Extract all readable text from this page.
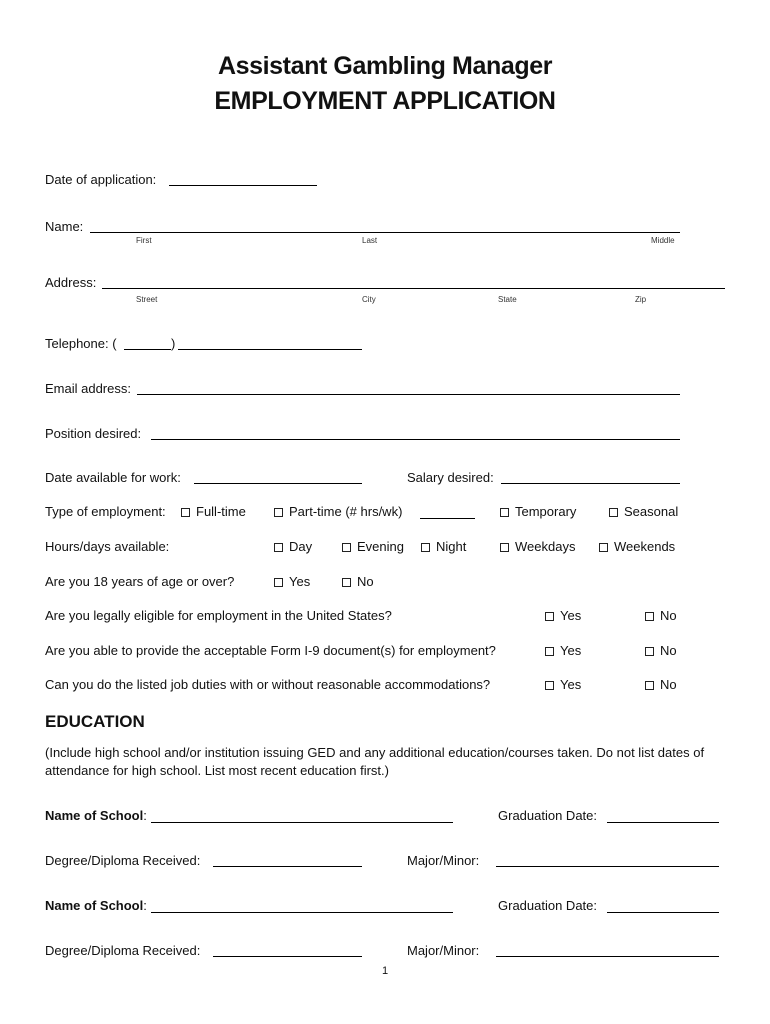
Assistant Gambling Manager
EMPLOYMENT APPLICATION
Date of application:
Name:
First	Last	Middle
Address:
Street	City	State	Zip
Telephone: (	)
Email address:
Position desired:
Date available for work:	Salary desired:
Type of employment:	Full-time	Part-time (# hrs/wk)	Temporary	Seasonal
Hours/days available:	Day	Evening	Night	Weekdays	Weekends
Are you 18 years of age or over?	Yes	No
Are you legally eligible for employment in the United States?	Yes	No
Are you able to provide the acceptable Form I-9 document(s) for employment?	Yes	No
Can you do the listed job duties with or without reasonable accommodations?	Yes	No
EDUCATION
(Include high school and/or institution issuing GED and any additional education/courses taken. Do not list dates of attendance for high school. List most recent education first.)
Name of School:	Graduation Date:
Degree/Diploma Received:	Major/Minor:
Name of School:	Graduation Date:
Degree/Diploma Received:	Major/Minor:
1
